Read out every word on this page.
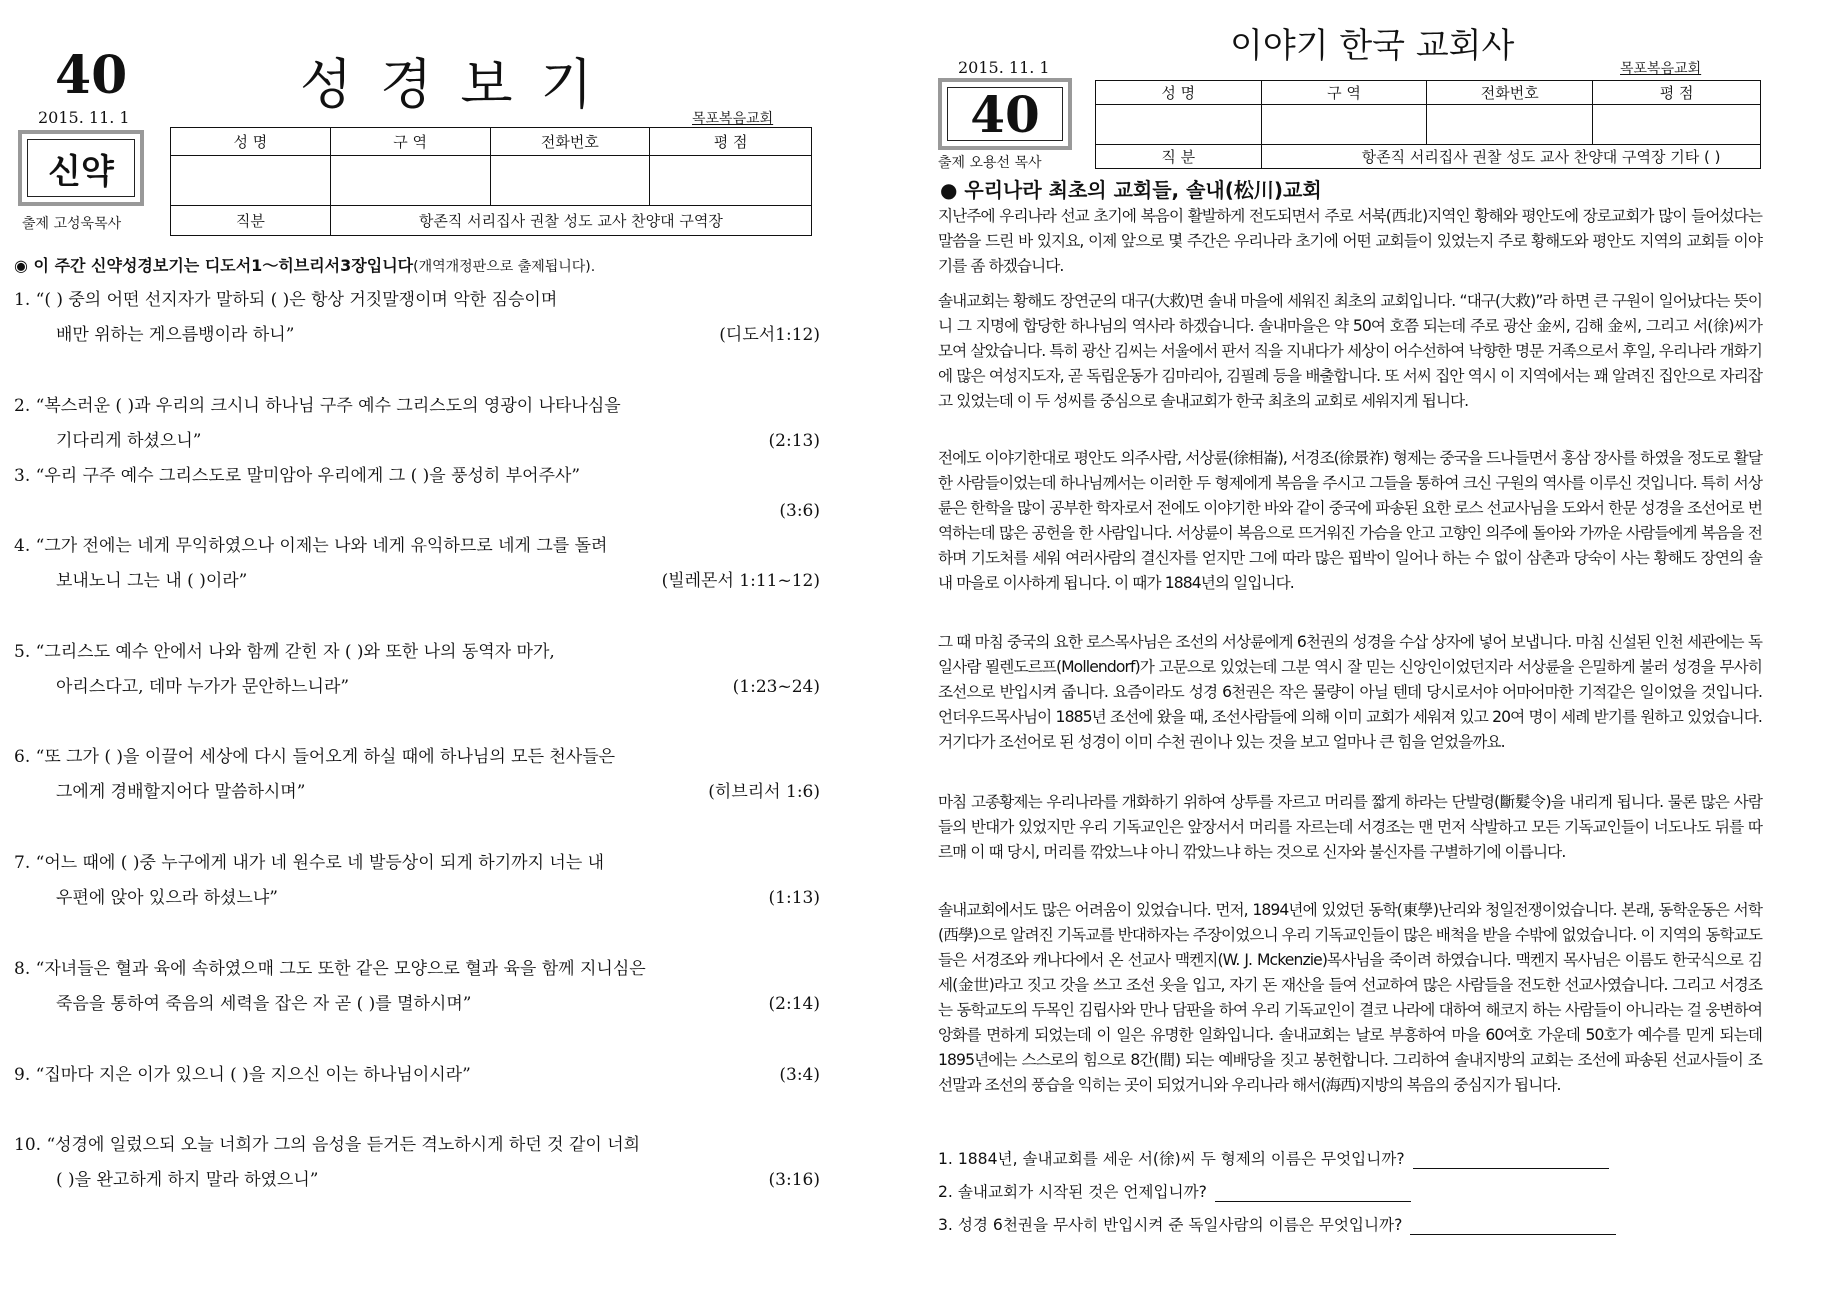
40	성경보기
2015. 11. 1	목포복음교회
신약
출제 고성욱목사
성 명	구 역	전화번호	평 점

직분	항존직 서리집사 권찰 성도 교사 찬양대 구역장		
◉ 이 주간 신약성경보기는 디도서1～히브리서3장입니다(개역개정판으로 출제됩니다).
1. “( ) 중의 어떤 선지자가 말하되 ( )은 항상 거짓말쟁이며 악한 짐승이며
배만 위하는 게으름뱅이라 하니”	(디도서1:12)
2. “복스러운 ( )과 우리의 크시니 하나님 구주 예수 그리스도의 영광이 나타나심을
기다리게 하셨으니”	(2:13)
3. “우리 구주 예수 그리스도로 말미암아 우리에게 그 ( )을 풍성히 부어주사”
(3:6)
4. “그가 전에는 네게 무익하였으나 이제는 나와 네게 유익하므로 네게 그를 돌려
보내노니 그는 내 ( )이라”	(빌레몬서 1:11~12)
5. “그리스도 예수 안에서 나와 함께 갇힌 자 ( )와 또한 나의 동역자 마가,
아리스다고, 데마 누가가 문안하느니라”	(1:23~24)
6. “또 그가 ( )을 이끌어 세상에 다시 들어오게 하실 때에 하나님의 모든 천사들은
그에게 경배할지어다 말씀하시며”	(히브리서 1:6)
7. “어느 때에 ( )중 누구에게 내가 네 원수로 네 발등상이 되게 하기까지 너는 내
우편에 앉아 있으라 하셨느냐”	(1:13)
8. “자녀들은 혈과 육에 속하였으매 그도 또한 같은 모양으로 혈과 육을 함께 지니심은
죽음을 통하여 죽음의 세력을 잡은 자 곧 ( )를 멸하시며”	(2:14)
9. “집마다 지은 이가 있으니 ( )을 지으신 이는 하나님이시라”	(3:4)
10. “성경에 일렀으되 오늘 너희가 그의 음성을 듣거든 격노하시게 하던 것 같이 너희
( )을 완고하게 하지 말라 하였으니”	(3:16)
이야기 한국 교회사
2015. 11. 1	목포복음교회
40
출제 오용선 목사
성 명	구 역	전화번호	평 점

직 분	항존직 서리집사 권찰 성도 교사 찬양대 구역장 기타 ( )		
● 우리나라 최초의 교회들, 솔내(松川)교회
지난주에 우리나라 선교 초기에 복음이 활발하게 전도되면서 주로 서북(西北)지역인 황해와 평안도에 장로교회가 많이 들어섰다는 말씀을 드린 바 있지요, 이제 앞으로 몇 주간은 우리나라 초기에 어떤 교회들이 있었는지 주로 황해도와 평안도 지역의 교회들 이야기를 좀 하겠습니다.
솔내교회는 황해도 장연군의 대구(大救)면 솔내 마을에 세워진 최초의 교회입니다. “대구(大救)”라 하면 큰 구원이 일어났다는 뜻이니 그 지명에 합당한 하나님의 역사라 하겠습니다. 솔내마을은 약 50여 호쯤 되는데 주로 광산 金씨, 김해 金씨, 그리고 서(徐)씨가 모여 살았습니다. 특히 광산 김씨는 서울에서 판서 직을 지내다가 세상이 어수선하여 낙향한 명문 거족으로서 후일, 우리나라 개화기에 많은 여성지도자, 곧 독립운동가 김마리아, 김필례 등을 배출합니다. 또 서씨 집안 역시 이 지역에서는 꽤 알려진 집안으로 자리잡고 있었는데 이 두 성씨를 중심으로 솔내교회가 한국 최초의 교회로 세워지게 됩니다.
전에도 이야기한대로 평안도 의주사람, 서상륜(徐相崙), 서경조(徐景祚) 형제는 중국을 드나들면서 홍삼 장사를 하였을 정도로 활달한 사람들이었는데 하나님께서는 이러한 두 형제에게 복음을 주시고 그들을 통하여 크신 구원의 역사를 이루신 것입니다. 특히 서상륜은 한학을 많이 공부한 학자로서 전에도 이야기한 바와 같이 중국에 파송된 요한 로스 선교사님을 도와서 한문 성경을 조선어로 번역하는데 많은 공헌을 한 사람입니다. 서상륜이 복음으로 뜨거워진 가슴을 안고 고향인 의주에 돌아와 가까운 사람들에게 복음을 전하며 기도처를 세워 여러사람의 결신자를 얻지만 그에 따라 많은 핍박이 일어나 하는 수 없이 삼촌과 당숙이 사는 황해도 장연의 솔내 마을로 이사하게 됩니다. 이 때가 1884년의 일입니다.
그 때 마침 중국의 요한 로스목사님은 조선의 서상륜에게 6천권의 성경을 수삽 상자에 넣어 보냅니다. 마침 신설된 인천 세관에는 독일사람 묄렌도르프(Mollendorf)가 고문으로 있었는데 그분 역시 잘 믿는 신앙인이었던지라 서상륜을 은밀하게 불러 성경을 무사히 조선으로 반입시켜 줍니다. 요즘이라도 성경 6천권은 작은 물량이 아닐 텐데 당시로서야 어마어마한 기적같은 일이었을 것입니다. 언더우드목사님이 1885년 조선에 왔을 때, 조선사람들에 의해 이미 교회가 세워져 있고 20여 명이 세례 받기를 원하고 있었습니다. 거기다가 조선어로 된 성경이 이미 수천 권이나 있는 것을 보고 얼마나 큰 힘을 얻었을까요.
마침 고종황제는 우리나라를 개화하기 위하여 상투를 자르고 머리를 짧게 하라는 단발령(斷髮令)을 내리게 됩니다. 물론 많은 사람들의 반대가 있었지만 우리 기독교인은 앞장서서 머리를 자르는데 서경조는 맨 먼저 삭발하고 모든 기독교인들이 너도나도 뒤를 따르매 이 때 당시, 머리를 깎았느냐 아니 깎았느냐 하는 것으로 신자와 불신자를 구별하기에 이릅니다.
솔내교회에서도 많은 어려움이 있었습니다. 먼저, 1894년에 있었던 동학(東學)난리와 청일전쟁이었습니다. 본래, 동학운동은 서학(西學)으로 알려진 기독교를 반대하자는 주장이었으니 우리 기독교인들이 많은 배척을 받을 수밖에 없었습니다. 이 지역의 동학교도들은 서경조와 캐나다에서 온 선교사 맥켄지(W. J. Mckenzie)목사님을 죽이려 하였습니다. 맥켄지 목사님은 이름도 한국식으로 김세(金世)라고 짓고 갓을 쓰고 조선 옷을 입고, 자기 돈 재산을 들여 선교하여 많은 사람들을 전도한 선교사였습니다. 그리고 서경조는 동학교도의 두목인 김립사와 만나 담판을 하여 우리 기독교인이 결코 나라에 대하여 해코지 하는 사람들이 아니라는 걸 웅변하여 앙화를 면하게 되었는데 이 일은 유명한 일화입니다. 솔내교회는 날로 부흥하여 마을 60여호 가운데 50호가 예수를 믿게 되는데 1895년에는 스스로의 힘으로 8간(間) 되는 예배당을 짓고 봉헌합니다. 그리하여 솔내지방의 교회는 조선에 파송된 선교사들이 조선말과 조선의 풍습을 익히는 곳이 되었거니와 우리나라 해서(海西)지방의 복음의 중심지가 됩니다.
1. 1884년, 솔내교회를 세운 서(徐)씨 두 형제의 이름은 무엇입니까?
2. 솔내교회가 시작된 것은 언제입니까?
3. 성경 6천권을 무사히 반입시켜 준 독일사람의 이름은 무엇입니까?
